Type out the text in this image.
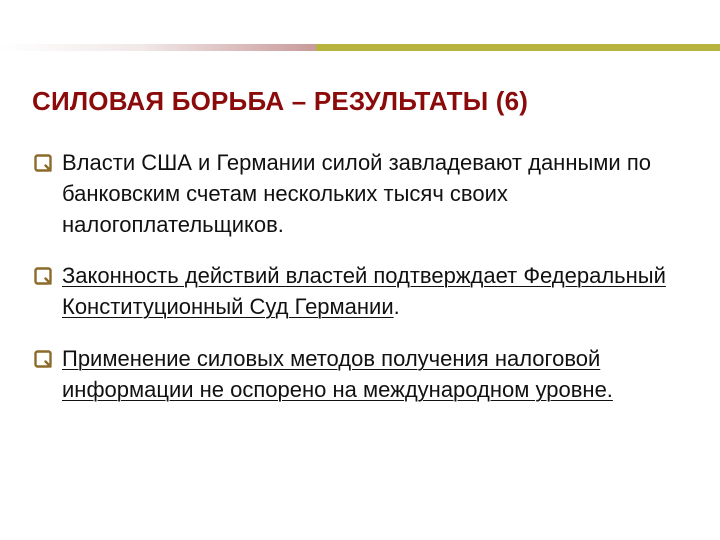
СИЛОВАЯ БОРЬБА – РЕЗУЛЬТАТЫ (6)
Власти США и Германии силой завладевают данными по банковским счетам нескольких тысяч своих налогоплательщиков.
Законность действий властей подтверждает Федеральный Конституционный Суд Германии.
Применение силовых методов получения налоговой информации не оспорено на международном уровне.
